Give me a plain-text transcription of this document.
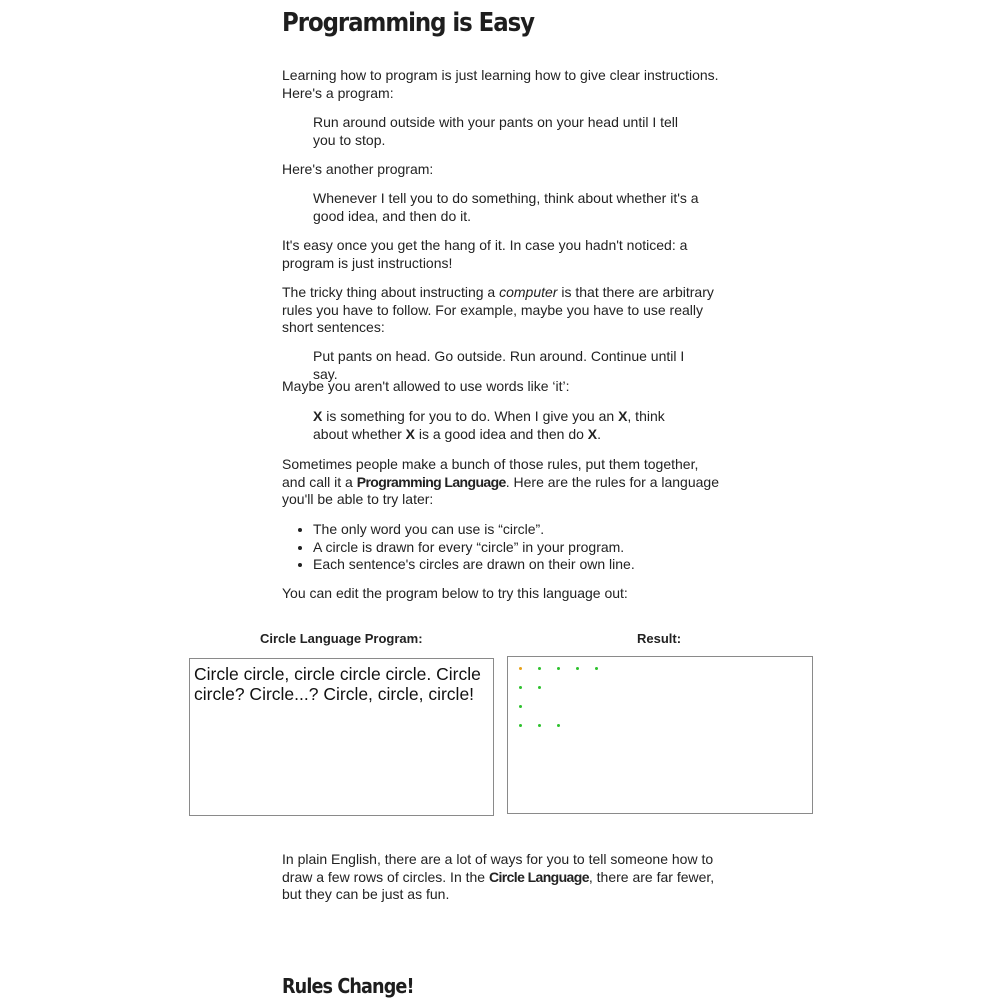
Programming is Easy

Learning how to program is just learning how to give clear instructions. Here's a program:

Run around outside with your pants on your head until I tell you to stop.

Here's another program:

Whenever I tell you to do something, think about whether it's a good idea, and then do it.

It's easy once you get the hang of it. In case you hadn't noticed: a program is just instructions!

The tricky thing about instructing a computer is that there are arbitrary rules you have to follow. For example, maybe you have to use really short sentences:

Put pants on head. Go outside. Run around. Continue until I say.

Maybe you aren't allowed to use words like ‘it’:

X is something for you to do. When I give you an X, think about whether X is a good idea and then do X.

Sometimes people make a bunch of those rules, put them together, and call it a Programming Language. Here are the rules for a language you'll be able to try later:

• The only word you can use is “circle”.
• A circle is drawn for every “circle” in your program.
• Each sentence's circles are drawn on their own line.

You can edit the program below to try this language out:

Circle Language Program:	Result:
Circle circle, circle circle circle. Circle circle? Circle...? Circle, circle, circle!

In plain English, there are a lot of ways for you to tell someone how to draw a few rows of circles. In the Circle Language, there are far fewer, but they can be just as fun.

Rules Change!
